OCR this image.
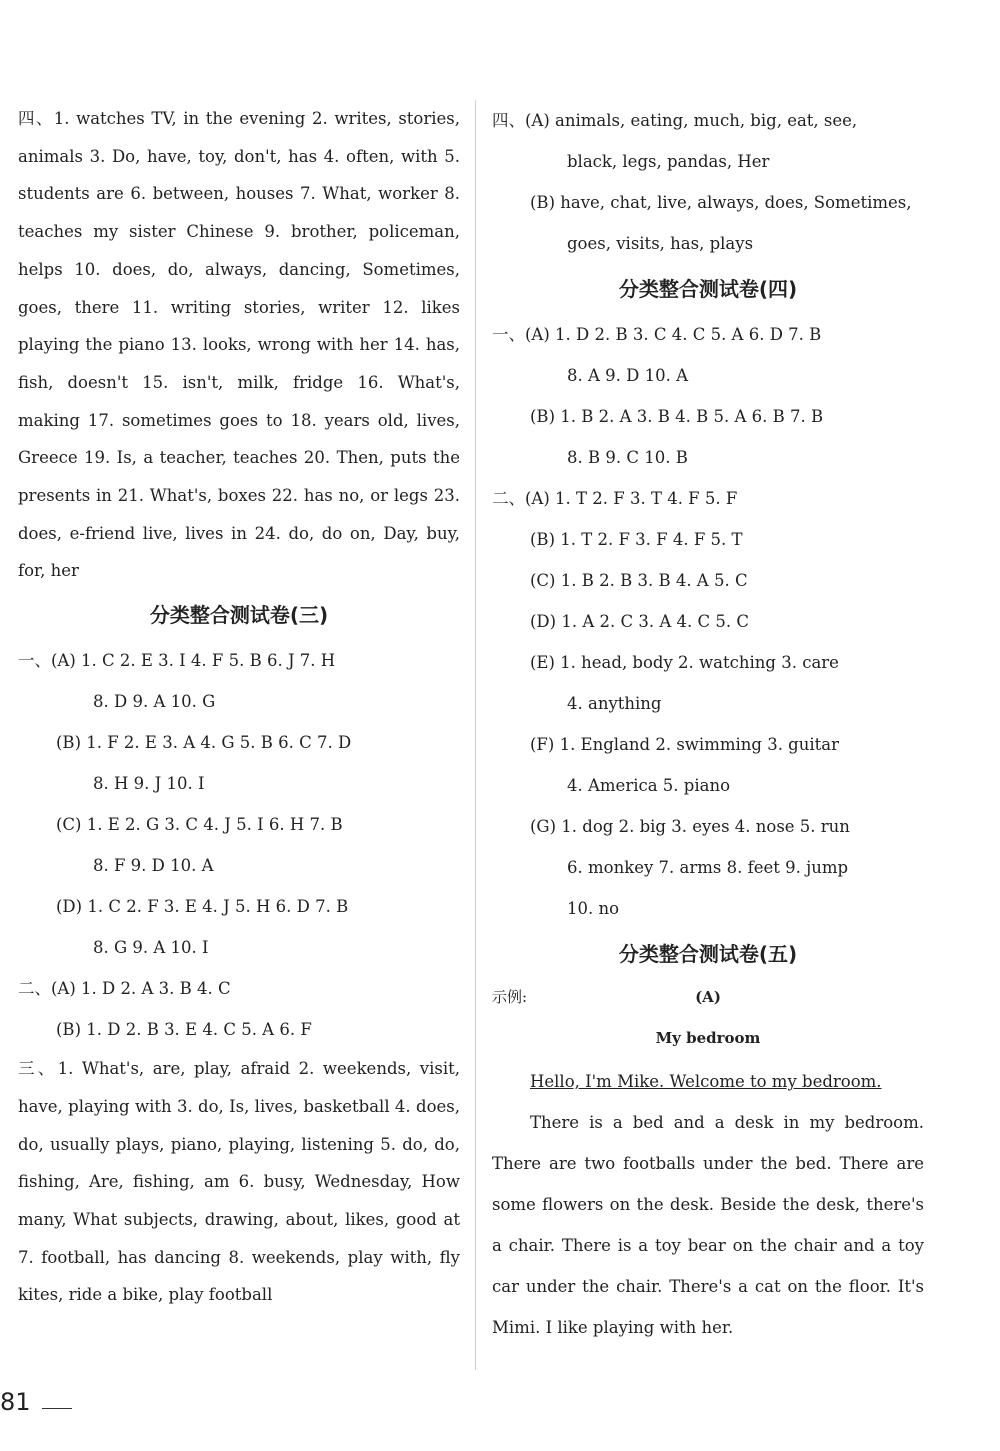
四、1. watches TV, in the evening 2. writes, stories, animals 3. Do, have, toy, don't, has 4. often, with 5. students are 6. between, houses 7. What, worker 8. teaches my sister Chinese 9. brother, policeman, helps 10. does, do, always, dancing, Sometimes, goes, there 11. writing stories, writer 12. likes playing the piano 13. looks, wrong with her 14. has, fish, doesn't 15. isn't, milk, fridge 16. What's, making 17. sometimes goes to 18. years old, lives, Greece 19. Is, a teacher, teaches 20. Then, puts the presents in 21. What's, boxes 22. has no, or legs 23. does, e-friend live, lives in 24. do, do on, Day, buy, for, her
分类整合测试卷(三)
一、(A) 1. C 2. E 3. I 4. F 5. B 6. J 7. H
8. D 9. A 10. G
(B) 1. F 2. E 3. A 4. G 5. B 6. C 7. D
8. H 9. J 10. I
(C) 1. E 2. G 3. C 4. J 5. I 6. H 7. B
8. F 9. D 10. A
(D) 1. C 2. F 3. E 4. J 5. H 6. D 7. B
8. G 9. A 10. I
二、(A) 1. D 2. A 3. B 4. C
(B) 1. D 2. B 3. E 4. C 5. A 6. F
三、1. What's, are, play, afraid 2. weekends, visit, have, playing with 3. do, Is, lives, basketball 4. does, do, usually plays, piano, playing, listening 5. do, do, fishing, Are, fishing, am 6. busy, Wednesday, How many, What subjects, drawing, about, likes, good at 7. football, has dancing 8. weekends, play with, fly kites, ride a bike, play football
四、(A) animals, eating, much, big, eat, see,
black, legs, pandas, Her
(B) have, chat, live, always, does, Sometimes,
goes, visits, has, plays
分类整合测试卷(四)
一、(A) 1. D 2. B 3. C 4. C 5. A 6. D 7. B
8. A 9. D 10. A
(B) 1. B 2. A 3. B 4. B 5. A 6. B 7. B
8. B 9. C 10. B
二、(A) 1. T 2. F 3. T 4. F 5. F
(B) 1. T 2. F 3. F 4. F 5. T
(C) 1. B 2. B 3. B 4. A 5. C
(D) 1. A 2. C 3. A 4. C 5. C
(E) 1. head, body 2. watching 3. care
4. anything
(F) 1. England 2. swimming 3. guitar
4. America 5. piano
(G) 1. dog 2. big 3. eyes 4. nose 5. run
6. monkey 7. arms 8. feet 9. jump
10. no
分类整合测试卷(五)
示例:	(A)
My bedroom
Hello, I'm Mike. Welcome to my bedroom.
There is a bed and a desk in my bedroom. There are two footballs under the bed. There are some flowers on the desk. Beside the desk, there's a chair. There is a toy bear on the chair and a toy car under the chair. There's a cat on the floor. It's Mimi. I like playing with her.
81
